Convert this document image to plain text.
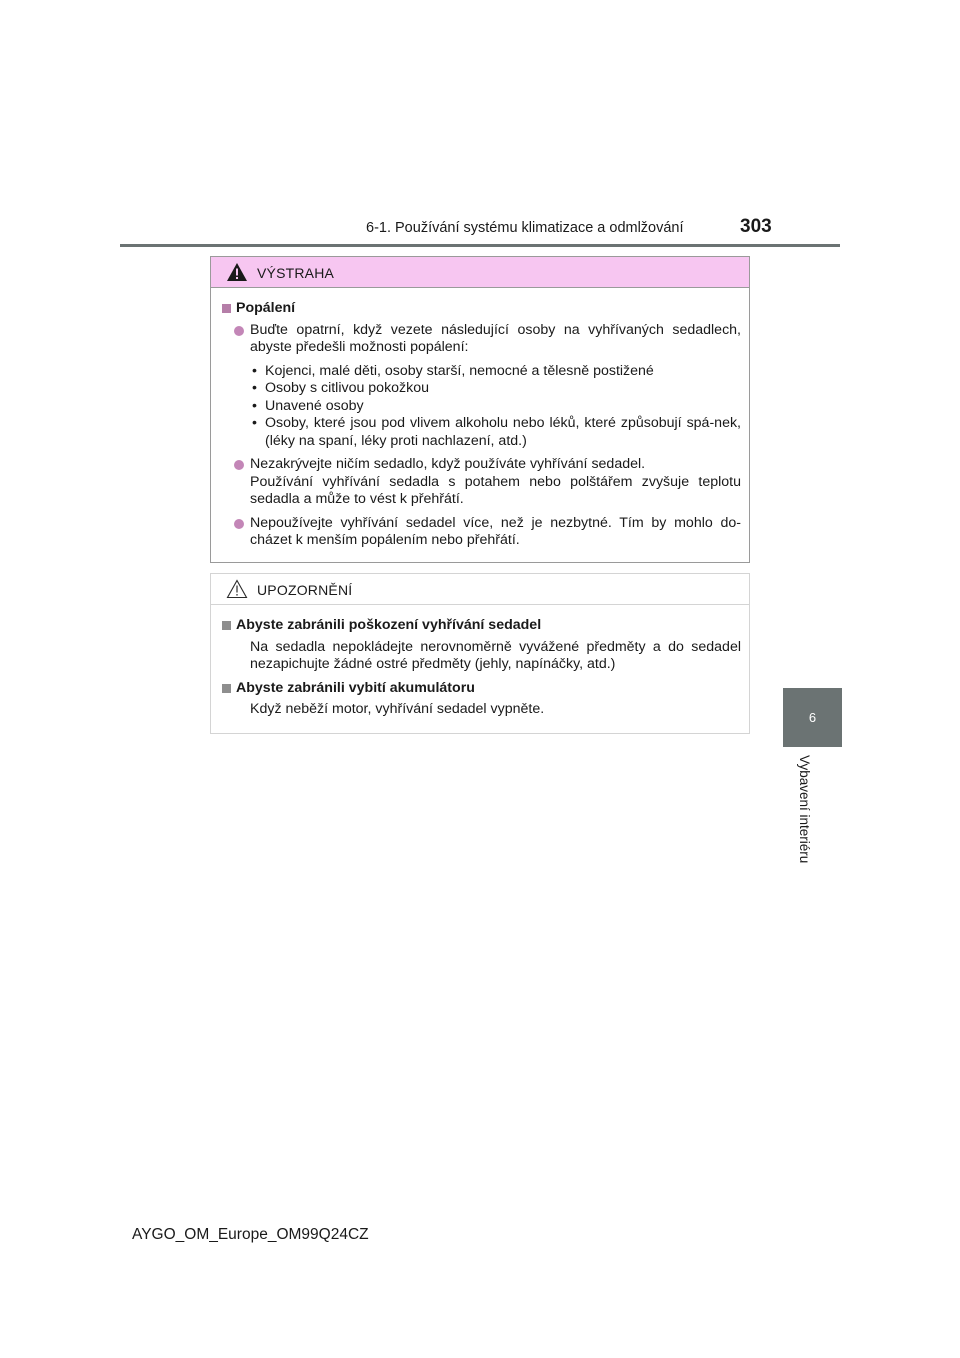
6-1. Používání systému klimatizace a odmlžování	303
6
Vybavení interiéru
VÝSTRAHA
Popálení
Buďte opatrní, když vezete následující osoby na vyhřívaných sedadlech, abyste předešli možnosti popálení:
• Kojenci, malé děti, osoby starší, nemocné a tělesně postižené
• Osoby s citlivou pokožkou
• Unavené osoby
• Osoby, které jsou pod vlivem alkoholu nebo léků, které způsobují spá-nek, (léky na spaní, léky proti nachlazení, atd.)
Nezakrývejte ničím sedadlo, když používáte vyhřívání sedadel.
Používání vyhřívání sedadla s potahem nebo polštářem zvyšuje teplotu sedadla a může to vést k přehřátí.
Nepoužívejte vyhřívání sedadel více, než je nezbytné. Tím by mohlo do-cházet k menším popálením nebo přehřátí.
UPOZORNĚNÍ
Abyste zabránili poškození vyhřívání sedadel
Na sedadla nepokládejte nerovnoměrně vyvážené předměty a do sedadel nezapichujte žádné ostré předměty (jehly, napínáčky, atd.)
Abyste zabránili vybití akumulátoru
Když neběží motor, vyhřívání sedadel vypněte.
AYGO_OM_Europe_OM99Q24CZ
